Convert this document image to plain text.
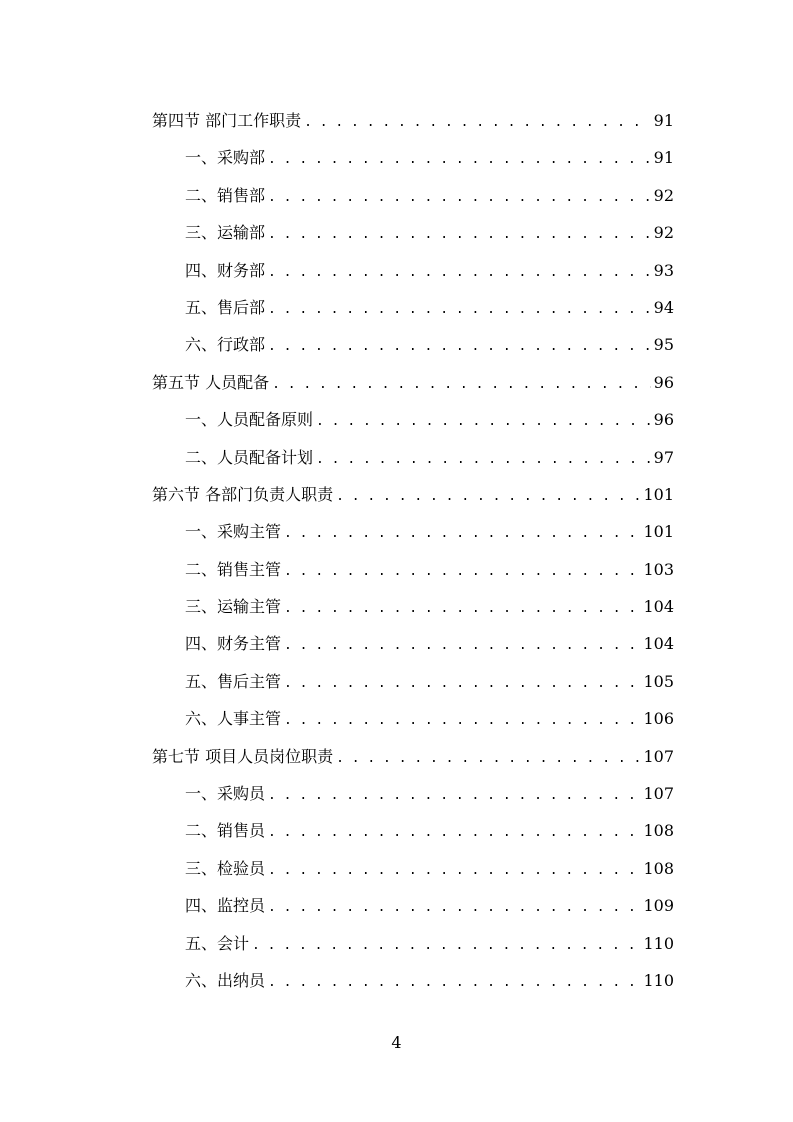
第四节 部门工作职责 . . .	91
一、采购部 . . .	91
二、销售部 . . .	92
三、运输部 . . .	92
四、财务部 . . .	93
五、售后部 . . .	94
六、行政部 . . .	95
第五节 人员配备 . . .	96
一、人员配备原则 . . .	96
二、人员配备计划 . . .	97
第六节 各部门负责人职责 . . .	101
一、采购主管 . . .	101
二、销售主管 . . .	103
三、运输主管 . . .	104
四、财务主管 . . .	104
五、售后主管 . . .	105
六、人事主管 . . .	106
第七节 项目人员岗位职责 . . .	107
一、采购员 . . .	107
二、销售员 . . .	108
三、检验员 . . .	108
四、监控员 . . .	109
五、会计 . . .	110
六、出纳员 . . .	110
4
